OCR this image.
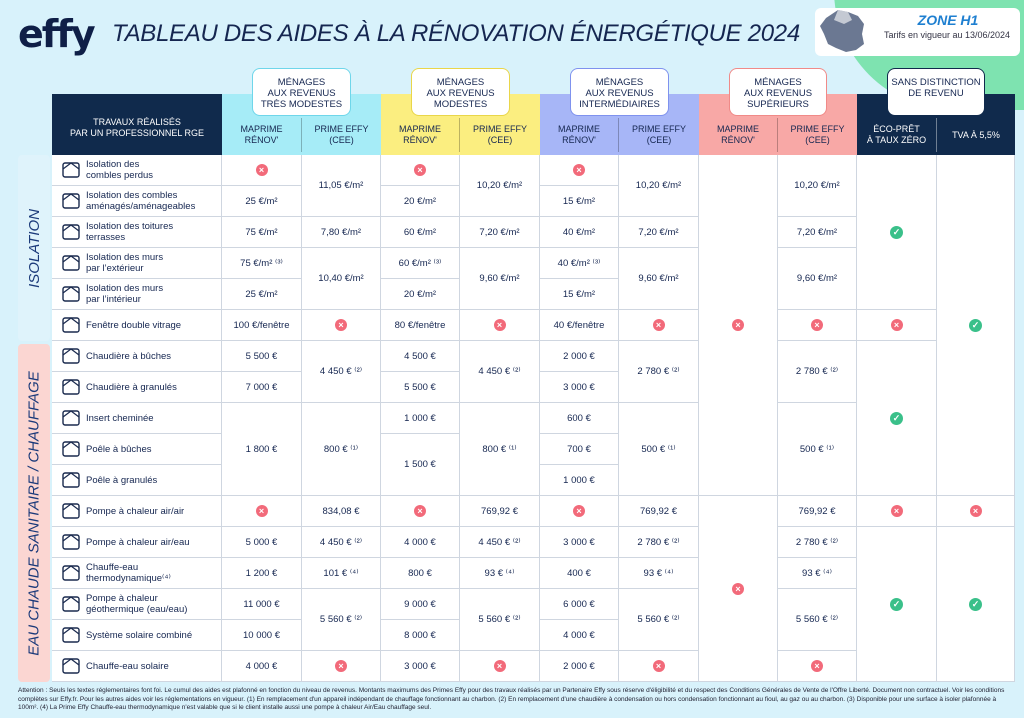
effy TABLEAU DES AIDES À LA RÉNOVATION ÉNERGÉTIQUE 2024	ZONE H1
Tarifs en vigueur au 13/06/2024
MÉNAGES
AUX REVENUS
TRÈS MODESTES
MÉNAGES
AUX REVENUS
MODESTES
MÉNAGES
AUX REVENUS
INTERMÉDIAIRES
MÉNAGES
AUX REVENUS
SUPÉRIEURS
SANS DISTINCTION
DE REVENU
TRAVAUX RÉALISÉS
PAR UN PROFESSIONNEL RGE	MAPRIME
RÉNOV'
PRIME EFFY
(CEE)
MAPRIME
RÉNOV'
PRIME EFFY
(CEE)
MAPRIME
RÉNOV'
PRIME EFFY
(CEE)
MAPRIME
RÉNOV'
PRIME EFFY
(CEE)
ÉCO-PRÊT
À TAUX ZÉRO
TVA À 5,5%
ISOLATION
EAU CHAUDE SANITAIRE / CHAUFFAGE
Isolation des
combles perdus
Isolation des combles
aménagés/aménageables
Isolation des toitures
terrasses
Isolation des murs
par l’extérieur
Isolation des murs
par l’intérieur
Fenêtre double vitrage
Chaudière à bûches
Chaudière à granulés
Insert cheminée
Poêle à bûches
Poêle à granulés
Pompe à chaleur air/air
Pompe à chaleur air/eau
Chauffe-eau
thermodynamique⁽⁴⁾
Pompe à chaleur
géothermique (eau/eau)
Système solaire combiné
Chauffe-eau solaire
×
25 €/m²
75 €/m²
75 €/m² ⁽³⁾
25 €/m²
100 €/fenêtre
5 500 €
7 000 €
1 800 €
×
5 000 €
1 200 €
11 000 €
10 000 €
4 000 €
11,05 €/m²
7,80 €/m²
10,40 €/m²
×
4 450 € ⁽²⁾
800 € ⁽¹⁾
834,08 €
4 450 € ⁽²⁾
101 € ⁽⁴⁾
5 560 € ⁽²⁾
×
×
20 €/m²
60 €/m²
60 €/m² ⁽³⁾
20 €/m²
80 €/fenêtre
4 500 €
5 500 €
1 000 €
1 500 €
×
4 000 €
800 €
9 000 €
8 000 €
3 000 €
10,20 €/m²
7,20 €/m²
9,60 €/m²
×
4 450 € ⁽²⁾
800 € ⁽¹⁾
769,92 €
4 450 € ⁽²⁾
93 € ⁽⁴⁾
5 560 € ⁽²⁾
×
×
15 €/m²
40 €/m²
40 €/m² ⁽³⁾
15 €/m²
40 €/fenêtre
2 000 €
3 000 €
600 €
700 €
1 000 €
×
3 000 €
400 €
6 000 €
4 000 €
2 000 €
10,20 €/m²
7,20 €/m²
9,60 €/m²
×
2 780 € ⁽²⁾
500 € ⁽¹⁾
769,92 €
2 780 € ⁽²⁾
93 € ⁽⁴⁾
5 560 € ⁽²⁾
×
×
×
10,20 €/m²
7,20 €/m²
9,60 €/m²
×
2 780 € ⁽²⁾
500 € ⁽¹⁾
769,92 €
2 780 € ⁽²⁾
93 € ⁽⁴⁾
5 560 € ⁽²⁾
×
✓
×
✓
×
✓
✓
×
✓
Attention : Seuls les textes réglementaires font foi. Le cumul des aides est plafonné en fonction du niveau de revenus. Montants maximums des Primes Effy pour des travaux réalisés par un Partenaire Effy sous réserve d'éligibilité et du respect des Conditions Générales de Vente de l'Offre Liberté. Document non contractuel. Voir les conditions complètes sur Effy.fr. Pour les autres aides voir les réglementations en vigueur. (1) En remplacement d'un appareil indépendant de chauffage fonctionnant au charbon. (2) En remplacement d'une chaudière à condensation ou hors condensation fonctionnant au fioul, au gaz ou au charbon. (3) Disponible pour une surface à isoler plafonnée à 100m². (4) La Prime Effy Chauffe-eau thermodynamique n'est valable que si le client installe aussi une pompe à chaleur Air/Eau chauffage seul.
